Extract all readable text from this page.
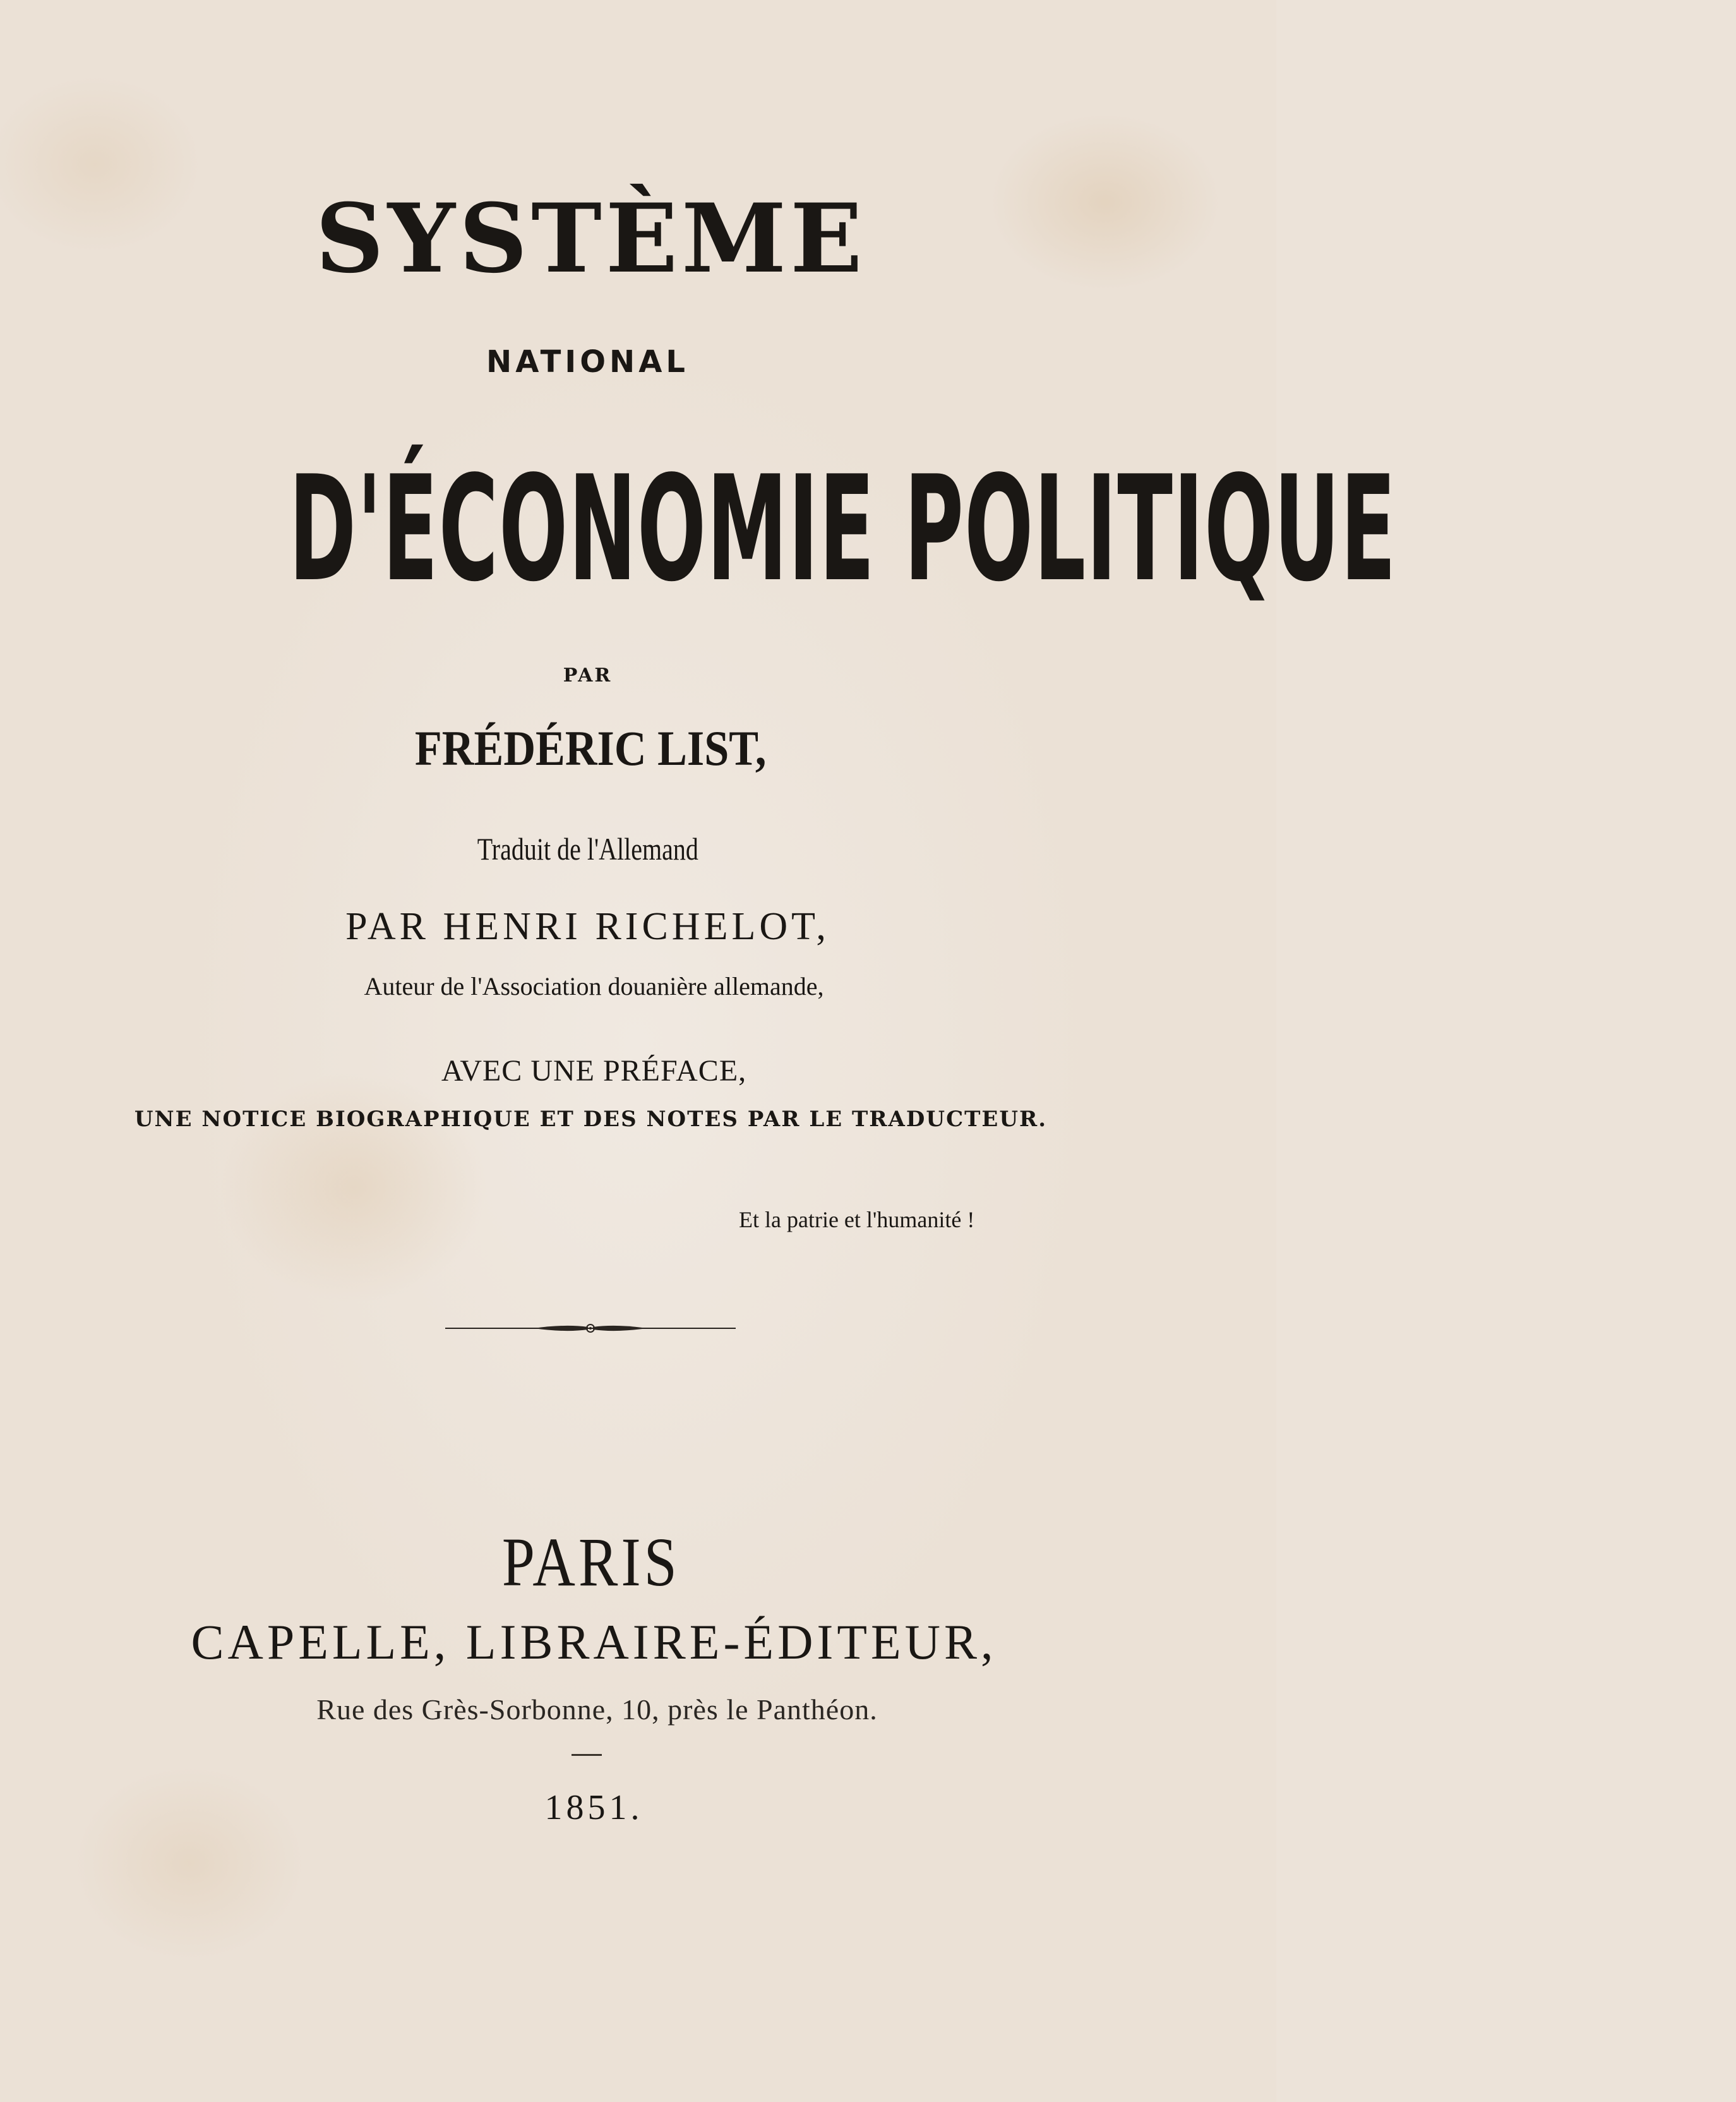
SYSTÈME
NATIONAL
D'ÉCONOMIE POLITIQUE
PAR
FRÉDÉRIC LIST,
Traduit de l'Allemand
PAR HENRI RICHELOT,
Auteur de l'Association douanière allemande,
AVEC UNE PRÉFACE,
UNE NOTICE BIOGRAPHIQUE ET DES NOTES PAR LE TRADUCTEUR.
Et la patrie et l'humanité !
PARIS
CAPELLE, LIBRAIRE-ÉDITEUR,
Rue des Grès-Sorbonne, 10, près le Panthéon.
1851.
